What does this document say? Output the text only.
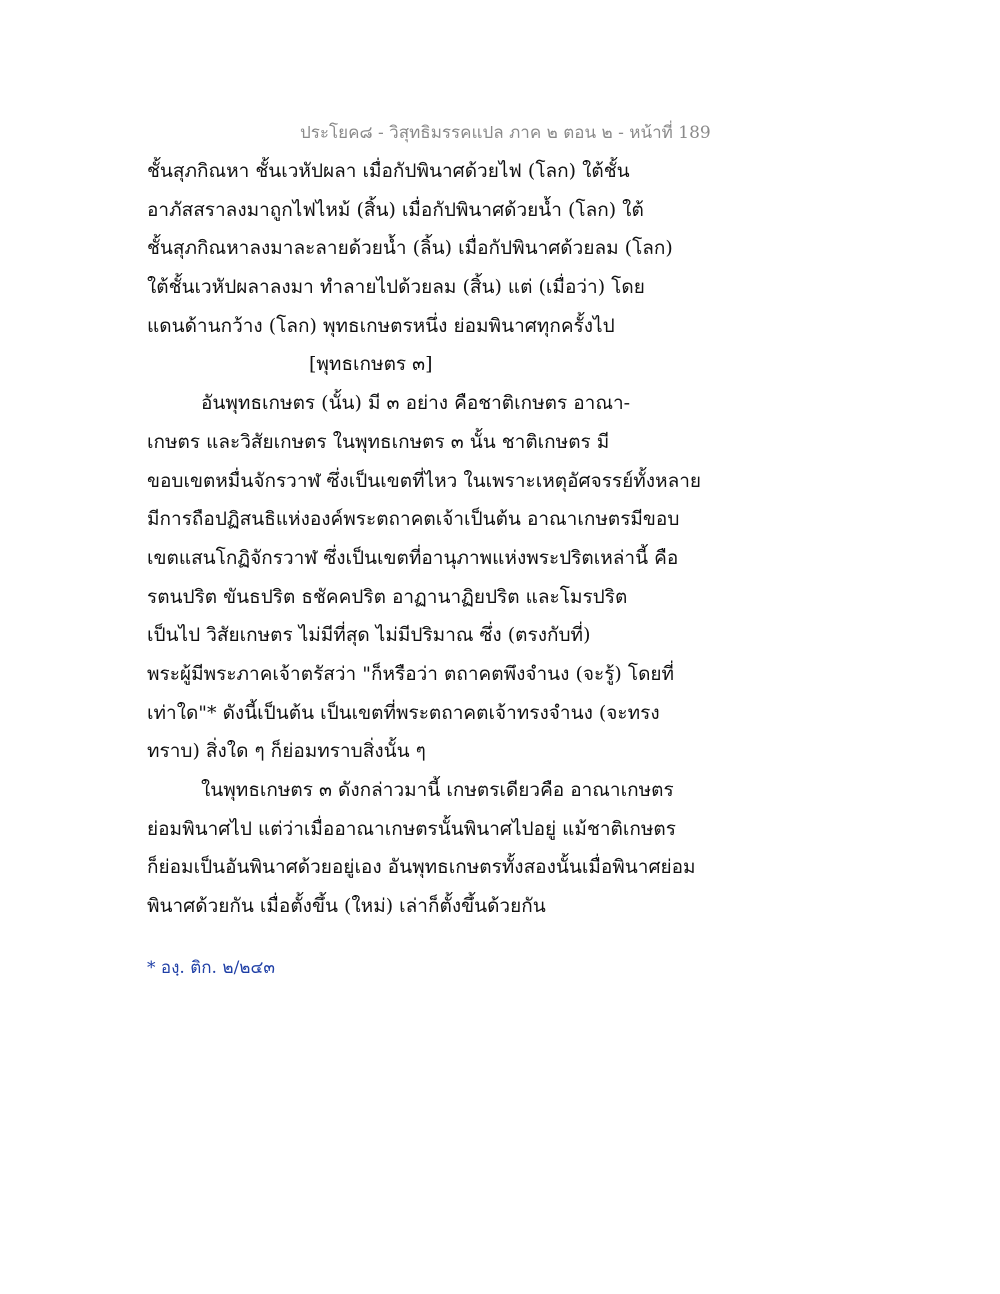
ประโยค๘ - วิสุทธิมรรคแปล ภาค ๒ ตอน ๒ - หน้าที่ 189
ชั้นสุภกิณหา ชั้นเวหัปผลา เมื่อกัปพินาศด้วยไฟ (โลก) ใต้ชั้น
อาภัสสราลงมาถูกไฟไหม้ (สิ้น) เมื่อกัปพินาศด้วยน้ำ (โลก) ใต้
ชั้นสุภกิณหาลงมาละลายด้วยน้ำ (ลิ้น) เมื่อกัปพินาศด้วยลม (โลก)
ใต้ชั้นเวหัปผลาลงมา ทำลายไปด้วยลม (สิ้น) แต่ (เมื่อว่า) โดย
แดนด้านกว้าง (โลก) พุทธเกษตรหนึ่ง ย่อมพินาศทุกครั้งไป
[พุทธเกษตร ๓]
อันพุทธเกษตร (นั้น) มี ๓ อย่าง คือชาติเกษตร อาณา-
เกษตร และวิสัยเกษตร ในพุทธเกษตร ๓ นั้น ชาติเกษตร มี
ขอบเขตหมื่นจักรวาฬ ซึ่งเป็นเขตที่ไหว ในเพราะเหตุอัศจรรย์ทั้งหลาย
มีการถือปฏิสนธิแห่งองค์พระตถาคตเจ้าเป็นต้น อาณาเกษตรมีขอบ
เขตแสนโกฏิจักรวาฬ ซึ่งเป็นเขตที่อานุภาพแห่งพระปริตเหล่านี้ คือ
รตนปริต ขันธปริต ธชัคคปริต อาฏานาฏิยปริต และโมรปริต
เป็นไป วิสัยเกษตร ไม่มีที่สุด ไม่มีปริมาณ ซึ่ง (ตรงกับที่)
พระผู้มีพระภาคเจ้าตรัสว่า "ก็หรือว่า ตถาคตพึงจำนง (จะรู้) โดยที่
เท่าใด"* ดังนี้เป็นต้น เป็นเขตที่พระตถาคตเจ้าทรงจำนง (จะทรง
ทราบ) สิ่งใด ๆ ก็ย่อมทราบสิ่งนั้น ๆ
ในพุทธเกษตร ๓ ดังกล่าวมานี้ เกษตรเดียวคือ อาณาเกษตร
ย่อมพินาศไป แต่ว่าเมื่ออาณาเกษตรนั้นพินาศไปอยู่ แม้ชาติเกษตร
ก็ย่อมเป็นอันพินาศด้วยอยู่เอง อันพุทธเกษตรทั้งสองนั้นเมื่อพินาศย่อม
พินาศด้วยกัน เมื่อตั้งขึ้น (ใหม่) เล่าก็ตั้งขึ้นด้วยกัน
* องฺ. ติก. ๒/๒๔๓
